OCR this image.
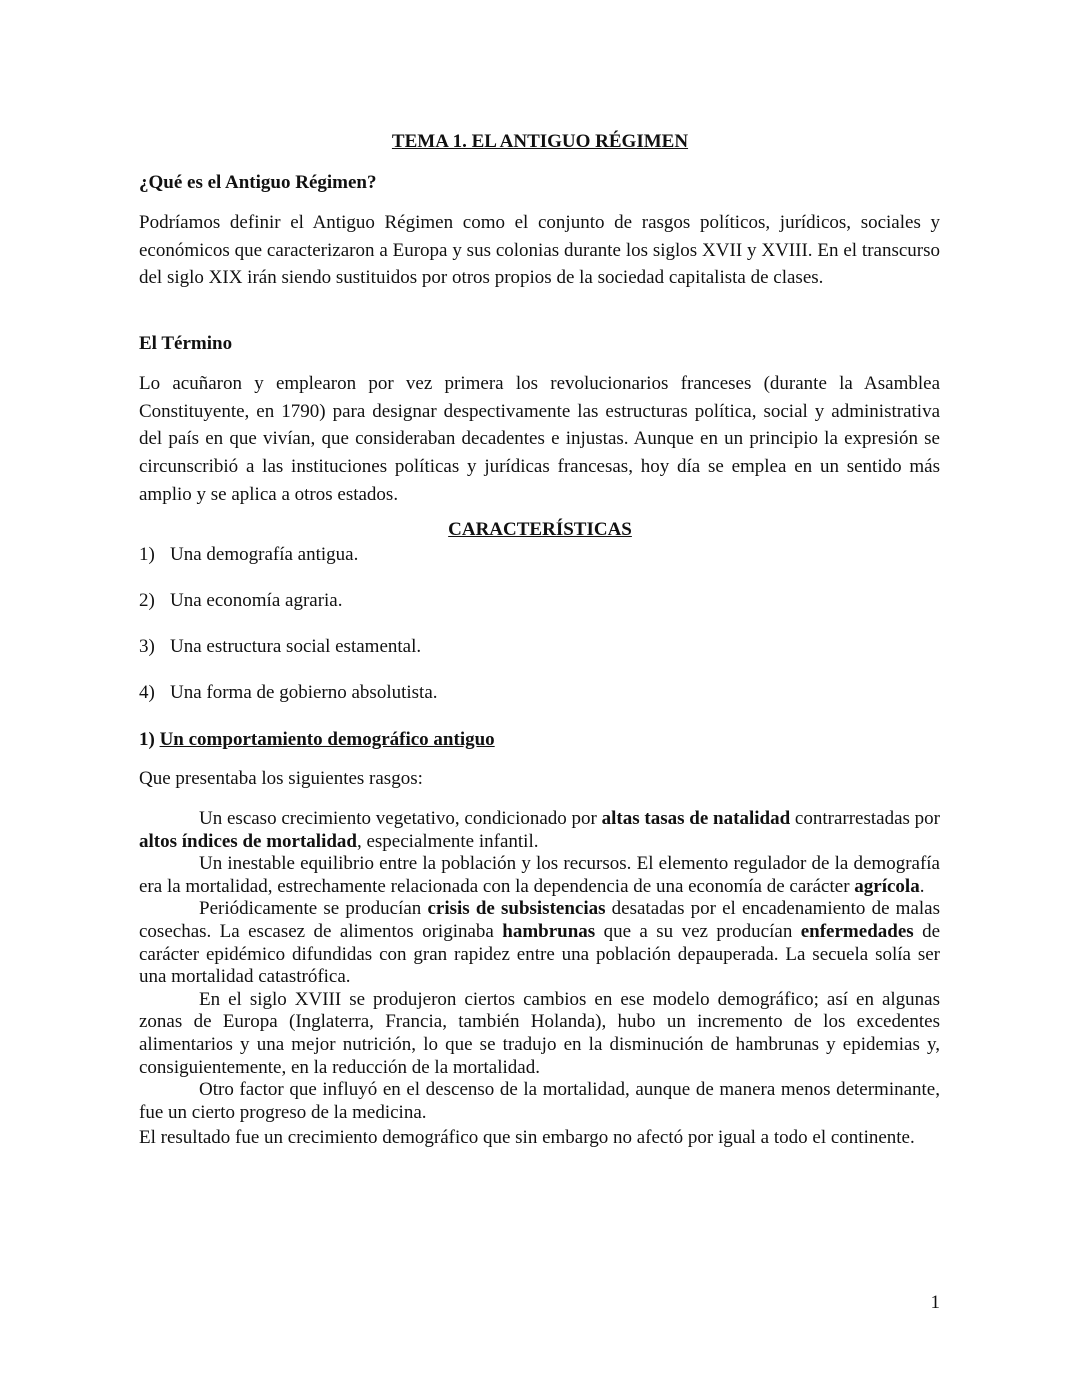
TEMA 1. EL ANTIGUO RÉGIMEN
¿Qué es el Antiguo Régimen?

Podríamos definir el Antiguo Régimen como el conjunto de rasgos políticos, jurídicos, sociales y económicos que caracterizaron a Europa y sus colonias durante los siglos XVII y XVIII. En el transcurso del siglo XIX irán siendo sustituidos por otros propios de la sociedad capitalista de clases.

El Término

Lo acuñaron y emplearon por vez primera los revolucionarios franceses (durante la Asamblea Constituyente, en 1790) para designar despectivamente las estructuras política, social y administrativa del país en que vivían, que consideraban decadentes e injustas. Aunque en un principio la expresión se circunscribió a las instituciones políticas y jurídicas francesas, hoy día se emplea en un sentido más amplio y se aplica a otros estados.

CARACTERÍSTICAS
1) Una demografía antigua.
2) Una economía agraria.
3) Una estructura social estamental.
4) Una forma de gobierno absolutista.
1) Un comportamiento demográfico antiguo
Que presentaba los siguientes rasgos:

Un escaso crecimiento vegetativo, condicionado por altas tasas de natalidad contrarrestadas por altos índices de mortalidad, especialmente infantil.

Un inestable equilibrio entre la población y los recursos. El elemento regulador de la demografía era la mortalidad, estrechamente relacionada con la dependencia de una economía de carácter agrícola.

Periódicamente se producían crisis de subsistencias desatadas por el encadenamiento de malas cosechas. La escasez de alimentos originaba hambrunas que a su vez producían enfermedades de carácter epidémico difundidas con gran rapidez entre una población depauperada. La secuela solía ser una mortalidad catastrófica.

En el siglo XVIII se produjeron ciertos cambios en ese modelo demográfico; así en algunas zonas de Europa (Inglaterra, Francia, también Holanda), hubo un incremento de los excedentes alimentarios y una mejor nutrición, lo que se tradujo en la disminución de hambrunas y epidemias y, consiguientemente, en la reducción de la mortalidad.

Otro factor que influyó en el descenso de la mortalidad, aunque de manera menos determinante, fue un cierto progreso de la medicina.

El resultado fue un crecimiento demográfico que sin embargo no afectó por igual a todo el continente.

1
